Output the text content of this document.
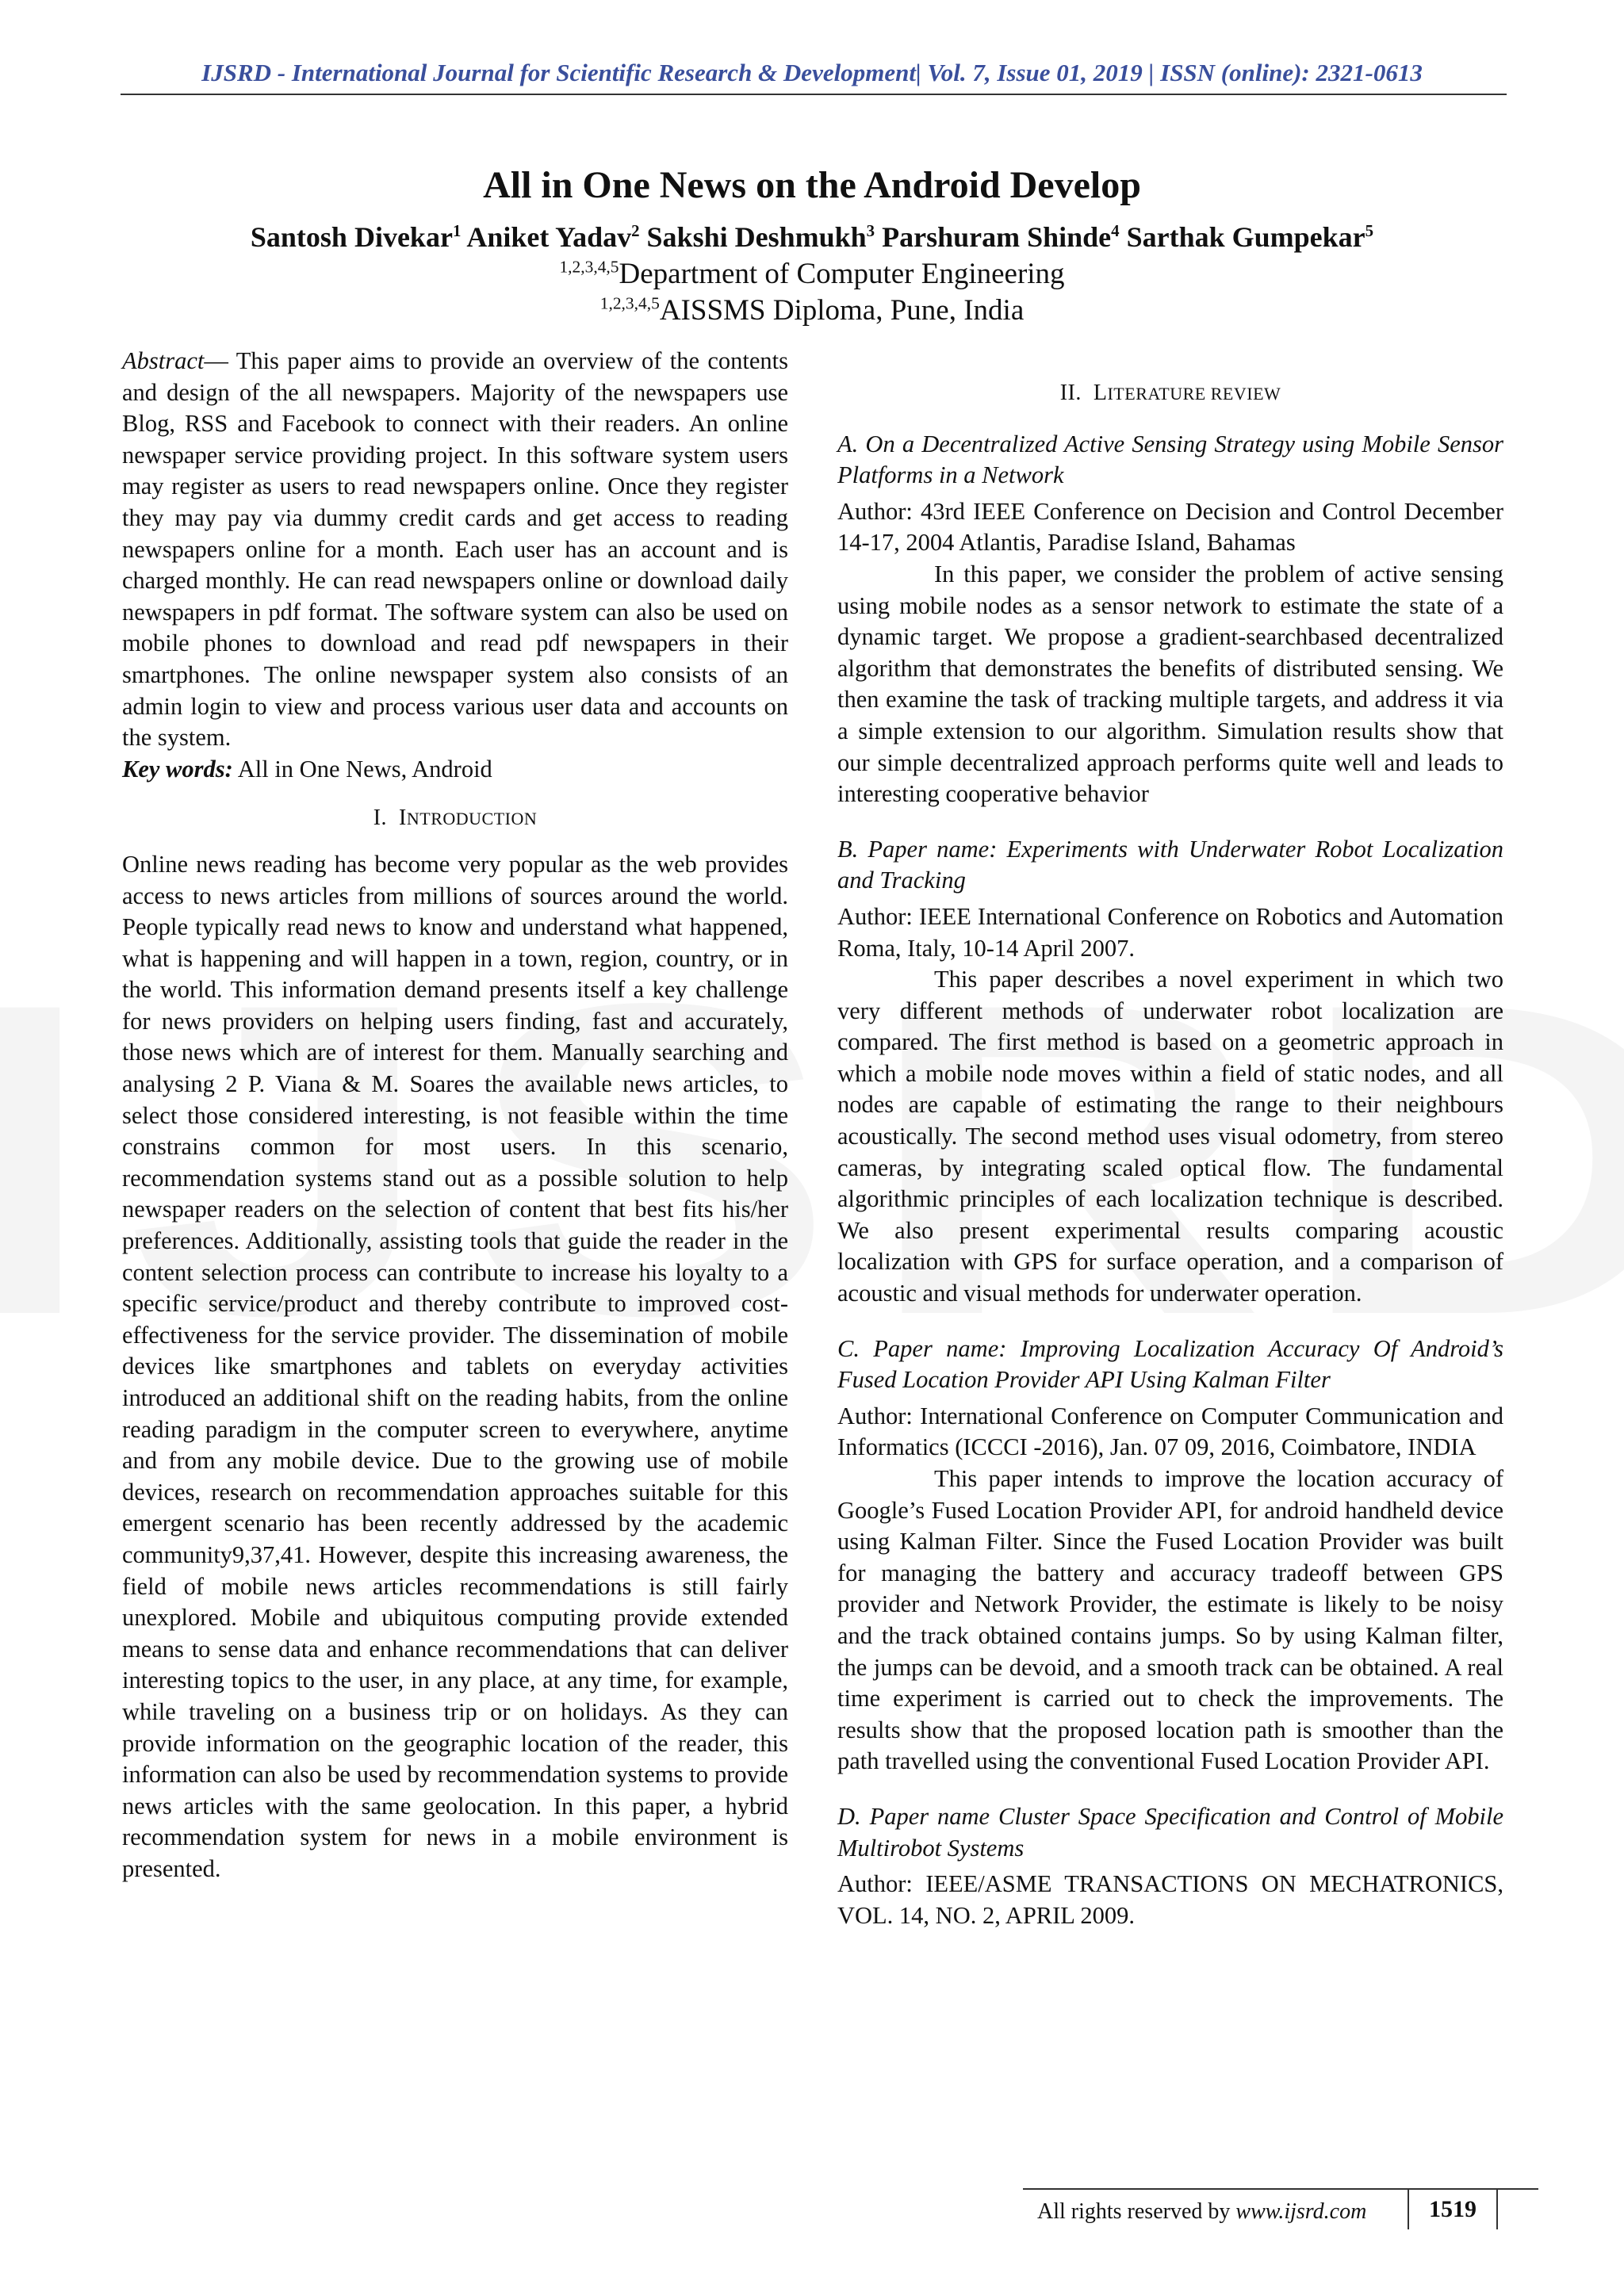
IJSRD - International Journal for Scientific Research & Development| Vol. 7, Issue 01, 2019 | ISSN (online): 2321-0613
All in One News on the Android Develop
Santosh Divekar$^1$ Aniket Yadav$^2$ Sakshi Deshmukh$^3$ Parshuram Shinde$^4$ Sarthak Gumpekar$^5$
$^{1,2,3,4,5}$Department of Computer Engineering
$^{1,2,3,4,5}$AISSMS Diploma, Pune, India

Abstract— This paper aims to provide an overview of the contents and design of the all newspapers. Majority of the newspapers use Blog, RSS and Facebook to connect with their readers. An online newspaper service providing project. In this software system users may register as users to read newspapers online. Once they register they may pay via dummy credit cards and get access to reading newspapers online for a month. Each user has an account and is charged monthly. He can read newspapers online or download daily newspapers in pdf format. The software system can also be used on mobile phones to download and read pdf newspapers in their smartphones. The online newspaper system also consists of an admin login to view and process various user data and accounts on the system.

Key words: All in One News, Android

I. INTRODUCTION

Online news reading has become very popular as the web provides access to news articles from millions of sources around the world. People typically read news to know and understand what happened, what is happening and will happen in a town, region, country, or in the world. This information demand presents itself a key challenge for news providers on helping users finding, fast and accurately, those news which are of interest for them. Manually searching and analysing 2 P. Viana & M. Soares the available news articles, to select those considered interesting, is not feasible within the time constrains common for most users. In this scenario, recommendation systems stand out as a possible solution to help newspaper readers on the selection of content that best fits his/her preferences. Additionally, assisting tools that guide the reader in the content selection process can contribute to increase his loyalty to a specific service/product and thereby contribute to improved cost-effectiveness for the service provider. The dissemination of mobile devices like smartphones and tablets on everyday activities introduced an additional shift on the reading habits, from the online reading paradigm in the computer screen to everywhere, anytime and from any mobile device. Due to the growing use of mobile devices, research on recommendation approaches suitable for this emergent scenario has been recently addressed by the academic community9,37,41. However, despite this increasing awareness, the field of mobile news articles recommendations is still fairly unexplored. Mobile and ubiquitous computing provide extended means to sense data and enhance recommendations that can deliver interesting topics to the user, in any place, at any time, for example, while traveling on a business trip or on holidays. As they can provide information on the geographic location of the reader, this information can also be used by recommendation systems to provide news articles with the same geolocation. In this paper, a hybrid recommendation system for news in a mobile environment is presented.

II. LITERATURE REVIEW

A. On a Decentralized Active Sensing Strategy using Mobile Sensor Platforms in a Network

Author: 43rd IEEE Conference on Decision and Control December 14-17, 2004 Atlantis, Paradise Island, Bahamas

In this paper, we consider the problem of active sensing using mobile nodes as a sensor network to estimate the state of a dynamic target. We propose a gradient-searchbased decentralized algorithm that demonstrates the benefits of distributed sensing. We then examine the task of tracking multiple targets, and address it via a simple extension to our algorithm. Simulation results show that our simple decentralized approach performs quite well and leads to interesting cooperative behavior

B. Paper name: Experiments with Underwater Robot Localization and Tracking

Author: IEEE International Conference on Robotics and Automation Roma, Italy, 10-14 April 2007.

This paper describes a novel experiment in which two very different methods of underwater robot localization are compared. The first method is based on a geometric approach in which a mobile node moves within a field of static nodes, and all nodes are capable of estimating the range to their neighbours acoustically. The second method uses visual odometry, from stereo cameras, by integrating scaled optical flow. The fundamental algorithmic principles of each localization technique is described. We also present experimental results comparing acoustic localization with GPS for surface operation, and a comparison of acoustic and visual methods for underwater operation.

C. Paper name: Improving Localization Accuracy Of Android’s Fused Location Provider API Using Kalman Filter

Author: International Conference on Computer Communication and Informatics (ICCCI -2016), Jan. 07 09, 2016, Coimbatore, INDIA

This paper intends to improve the location accuracy of Google’s Fused Location Provider API, for android handheld device using Kalman Filter. Since the Fused Location Provider was built for managing the battery and accuracy tradeoff between GPS provider and Network Provider, the estimate is likely to be noisy and the track obtained contains jumps. So by using Kalman filter, the jumps can be devoid, and a smooth track can be obtained. A real time experiment is carried out to check the improvements. The results show that the proposed location path is smoother than the path travelled using the conventional Fused Location Provider API.

D. Paper name Cluster Space Specification and Control of Mobile Multirobot Systems

Author: IEEE/ASME TRANSACTIONS ON MECHATRONICS, VOL. 14, NO. 2, APRIL 2009.

All rights reserved by www.ijsrd.com	1519
